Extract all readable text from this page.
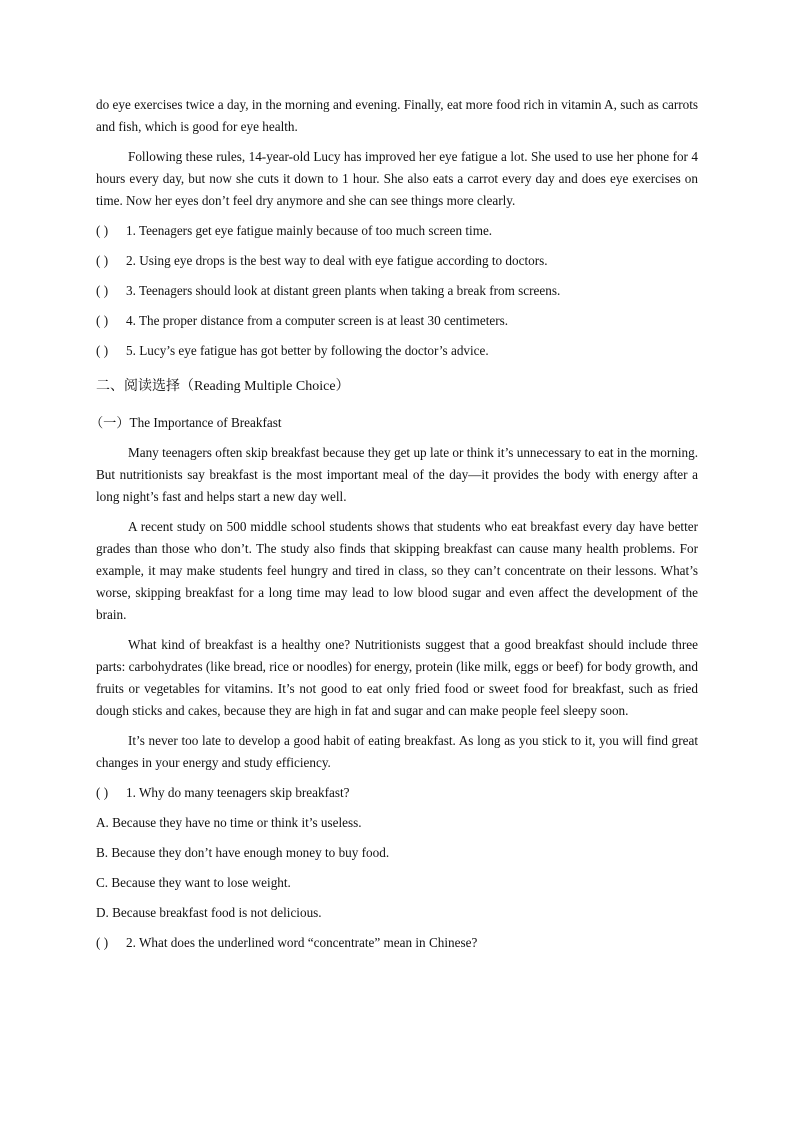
do eye exercises twice a day, in the morning and evening. Finally, eat more food rich in vitamin A, such as carrots and fish, which is good for eye health.

Following these rules, 14-year-old Lucy has improved her eye fatigue a lot. She used to use her phone for 4 hours every day, but now she cuts it down to 1 hour. She also eats a carrot every day and does eye exercises on time. Now her eyes don’t feel dry anymore and she can see things more clearly.

( ) 1. Teenagers get eye fatigue mainly because of too much screen time.
( ) 2. Using eye drops is the best way to deal with eye fatigue according to doctors.
( ) 3. Teenagers should look at distant green plants when taking a break from screens.
( ) 4. The proper distance from a computer screen is at least 30 centimeters.
( ) 5. Lucy’s eye fatigue has got better by following the doctor’s advice.
二、阅读选择（Reading Multiple Choice）
（一）The Importance of Breakfast

Many teenagers often skip breakfast because they get up late or think it’s unnecessary to eat in the morning. But nutritionists say breakfast is the most important meal of the day—it provides the body with energy after a long night’s fast and helps start a new day well.

A recent study on 500 middle school students shows that students who eat breakfast every day have better grades than those who don’t. The study also finds that skipping breakfast can cause many health problems. For example, it may make students feel hungry and tired in class, so they can’t concentrate on their lessons. What’s worse, skipping breakfast for a long time may lead to low blood sugar and even affect the development of the brain.

What kind of breakfast is a healthy one? Nutritionists suggest that a good breakfast should include three parts: carbohydrates (like bread, rice or noodles) for energy, protein (like milk, eggs or beef) for body growth, and fruits or vegetables for vitamins. It’s not good to eat only fried food or sweet food for breakfast, such as fried dough sticks and cakes, because they are high in fat and sugar and can make people feel sleepy soon.

It’s never too late to develop a good habit of eating breakfast. As long as you stick to it, you will find great changes in your energy and study efficiency.

( ) 1. Why do many teenagers skip breakfast?
A. Because they have no time or think it’s useless.
B. Because they don’t have enough money to buy food.
C. Because they want to lose weight.
D. Because breakfast food is not delicious.
( ) 2. What does the underlined word “concentrate” mean in Chinese?
